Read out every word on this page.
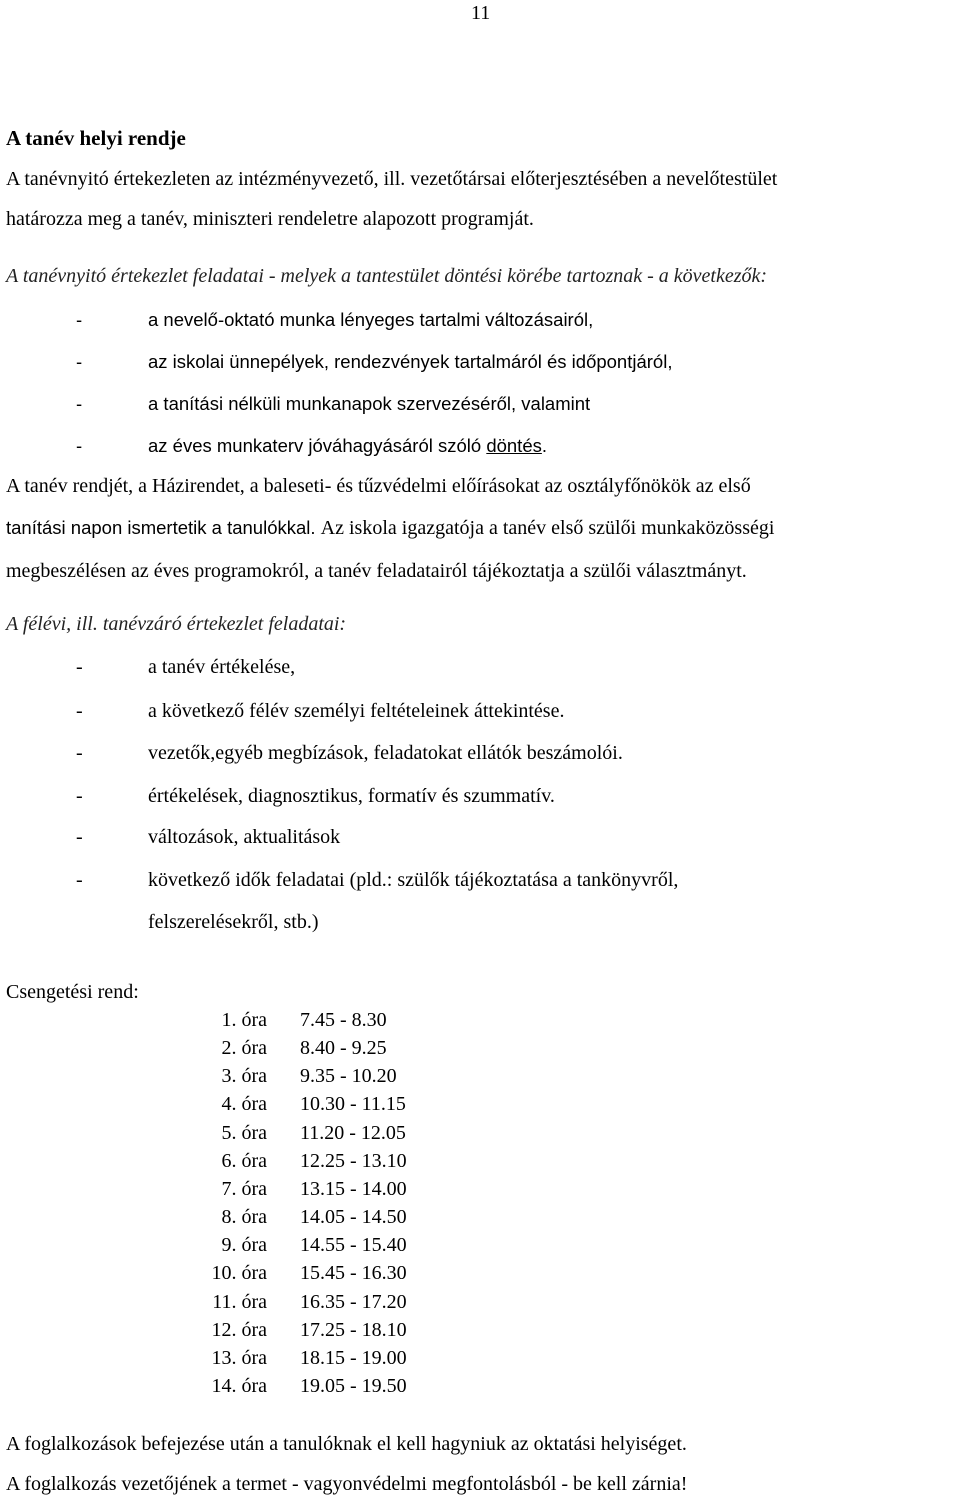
11
A tanév helyi rendje
A tanévnyitó értekezleten az intézményvezető, ill. vezetőtársai előterjesztésében a nevelőtestület
határozza meg a tanév, miniszteri rendeletre alapozott programját.
A tanévnyitó értekezlet feladatai - melyek a tantestület döntési körébe tartoznak - a következők:
-	a nevelő-oktató munka lényeges tartalmi változásairól,
-	az iskolai ünnepélyek, rendezvények tartalmáról és időpontjáról,
-	a tanítási nélküli munkanapok szervezéséről, valamint
-	az éves munkaterv jóváhagyásáról szóló döntés.
A tanév rendjét, a Házirendet, a baleseti- és tűzvédelmi előírásokat az osztályfőnökök az első
tanítási napon ismertetik a tanulókkal. Az iskola igazgatója a tanév első szülői munkaközösségi
megbeszélésen az éves programokról, a tanév feladatairól tájékoztatja a szülői választmányt.
A félévi, ill. tanévzáró értekezlet feladatai:
-	a tanév értékelése,
-	a következő félév személyi feltételeinek áttekintése.
-	vezetők,egyéb megbízások, feladatokat ellátók beszámolói.
-	értékelések, diagnosztikus, formatív és szummatív.
-	változások, aktualitások
-	következő idők feladatai (pld.: szülők tájékoztatása a tankönyvről,
felszerelésekről, stb.)
Csengetési rend:
1. óra 7.45 - 8.30
2. óra 8.40 - 9.25
3. óra 9.35 - 10.20
4. óra 10.30 - 11.15
5. óra 11.20 - 12.05
6. óra 12.25 - 13.10
7. óra 13.15 - 14.00
8. óra 14.05 - 14.50
9. óra 14.55 - 15.40
10. óra 15.45 - 16.30
11. óra 16.35 - 17.20
12. óra 17.25 - 18.10
13. óra 18.15 - 19.00
14. óra 19.05 - 19.50
A foglalkozások befejezése után a tanulóknak el kell hagyniuk az oktatási helyiséget.
A foglalkozás vezetőjének a termet - vagyonvédelmi megfontolásból - be kell zárnia!
